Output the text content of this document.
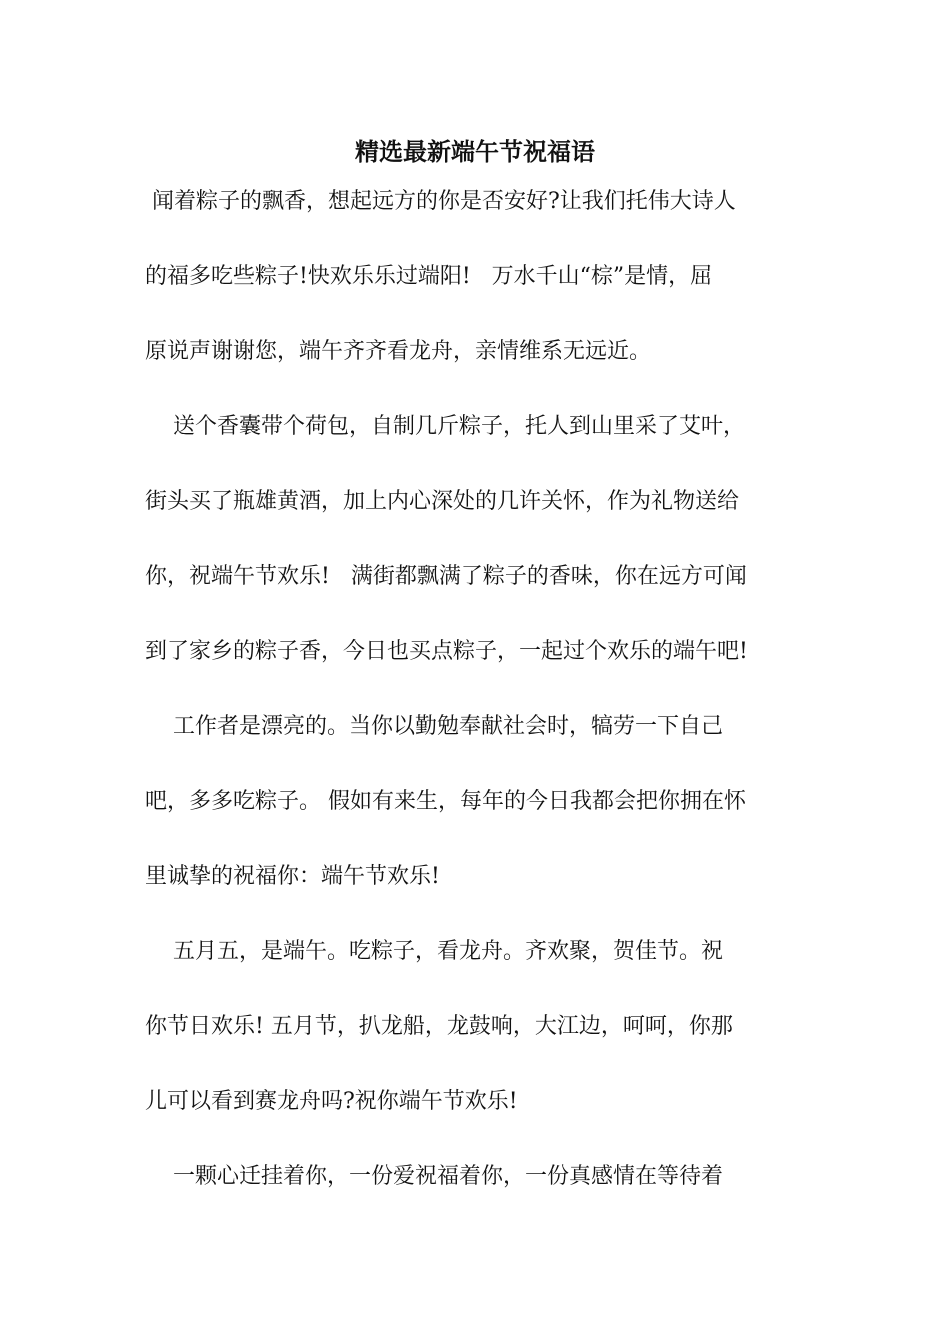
精选最新端午节祝福语

闻着粽子的飘香，想起远方的你是否安好?让我们托伟大诗人

的福多吃些粽子!快欢乐乐过端阳!   万水千山“棕”是情，屈

原说声谢谢您，端午齐齐看龙舟，亲情维系无远近。

送个香囊带个荷包，自制几斤粽子，托人到山里采了艾叶，

街头买了瓶雄黄酒，加上内心深处的几许关怀，作为礼物送给

你，祝端午节欢乐!   满街都飘满了粽子的香味，你在远方可闻

到了家乡的粽子香，今日也买点粽子，一起过个欢乐的端午吧!

工作者是漂亮的。当你以勤勉奉献社会时，犒劳一下自己

吧，多多吃粽子。 假如有来生，每年的今日我都会把你拥在怀

里诚挚的祝福你：端午节欢乐!

五月五，是端午。吃粽子，看龙舟。齐欢聚，贺佳节。祝

你节日欢乐! 五月节，扒龙船，龙鼓响，大江边，呵呵，你那

儿可以看到赛龙舟吗?祝你端午节欢乐!

一颗心迁挂着你，一份爱祝福着你，一份真感情在等待着
